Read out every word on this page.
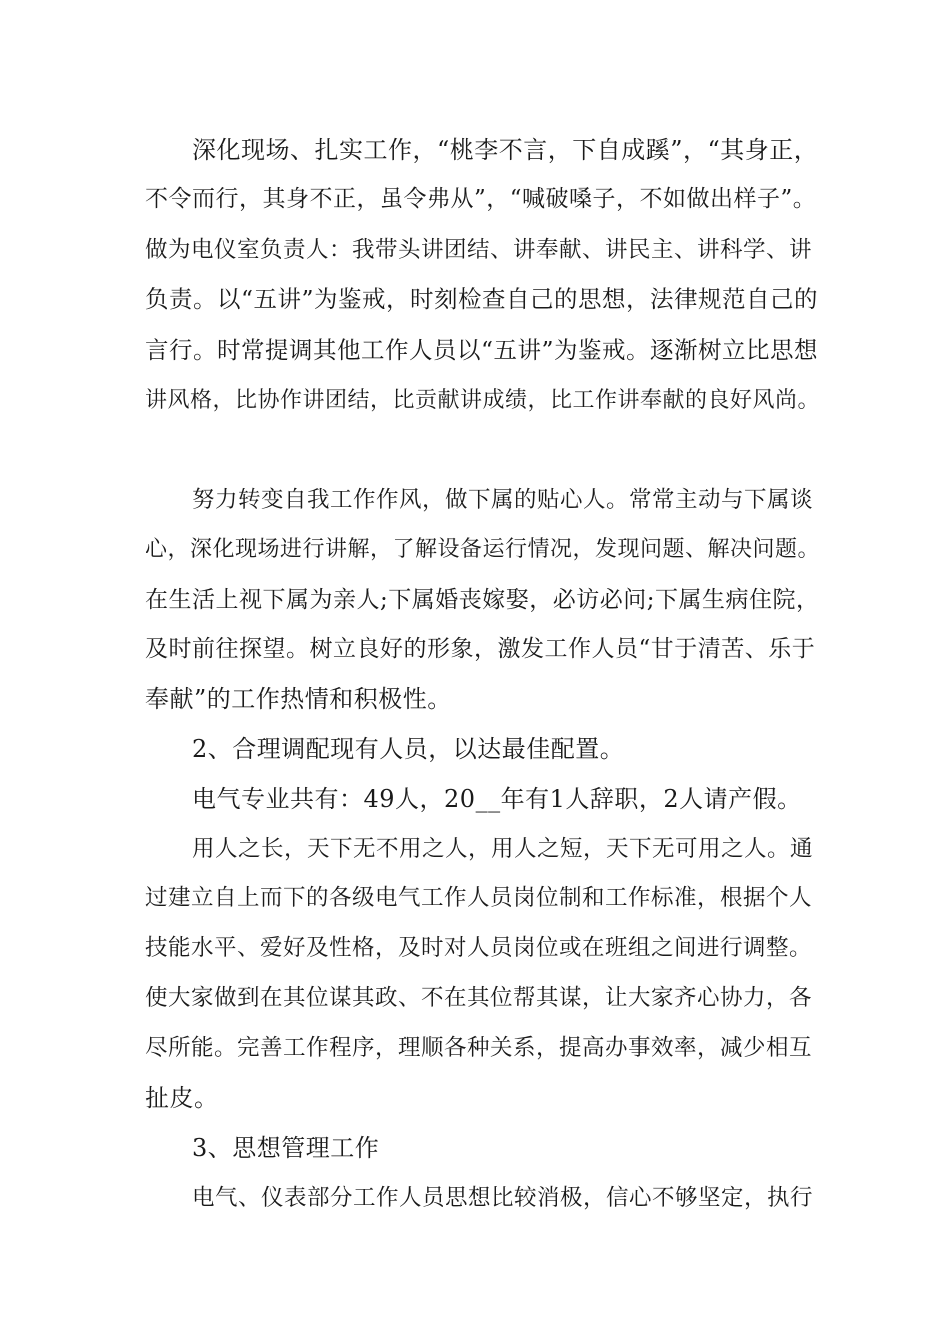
深化现场、扎实工作，“桃李不言，下自成蹊”，“其身正，
不令而行，其身不正，虽令弗从”，“喊破嗓子，不如做出样子”。
做为电仪室负责人：我带头讲团结、讲奉献、讲民主、讲科学、讲
负责。以“五讲”为鉴戒，时刻检查自己的思想，法律规范自己的
言行。时常提调其他工作人员以“五讲”为鉴戒。逐渐树立比思想
讲风格，比协作讲团结，比贡献讲成绩，比工作讲奉献的良好风尚。
努力转变自我工作作风，做下属的贴心人。常常主动与下属谈
心，深化现场进行讲解，了解设备运行情况，发现问题、解决问题。
在生活上视下属为亲人;下属婚丧嫁娶，必访必问;下属生病住院，
及时前往探望。树立良好的形象，激发工作人员“甘于清苦、乐于
奉献”的工作热情和积极性。
2、合理调配现有人员，以达最佳配置。
电气专业共有：49人，20__年有1人辞职，2人请产假。
用人之长，天下无不用之人，用人之短，天下无可用之人。通
过建立自上而下的各级电气工作人员岗位制和工作标准，根据个人
技能水平、爱好及性格，及时对人员岗位或在班组之间进行调整。
使大家做到在其位谋其政、不在其位帮其谋，让大家齐心协力，各
尽所能。完善工作程序，理顺各种关系，提高办事效率，减少相互
扯皮。
3、思想管理工作
电气、仪表部分工作人员思想比较消极，信心不够坚定，执行
